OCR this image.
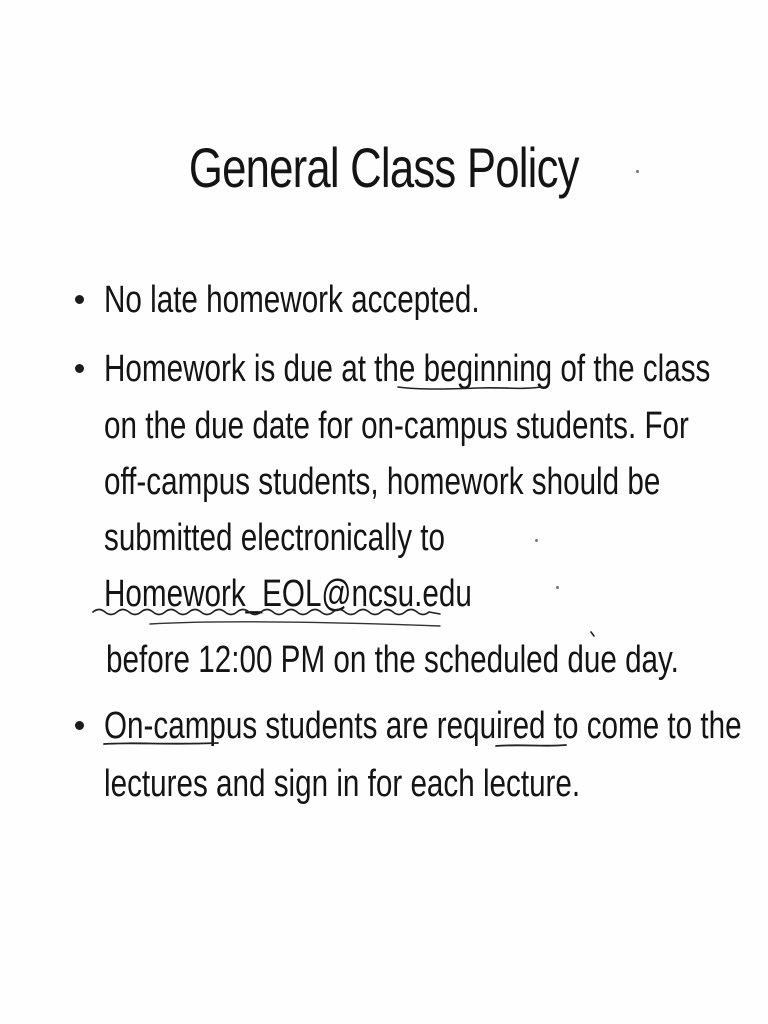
General Class Policy
No late homework accepted.
Homework is due at the beginning of the class
on the due date for on-campus students. For
off-campus students, homework should be
submitted electronically to
Homework_EOL@ncsu.edu
before 12:00 PM on the scheduled due day.
On-campus students are required to come to the
lectures and sign in for each lecture.
